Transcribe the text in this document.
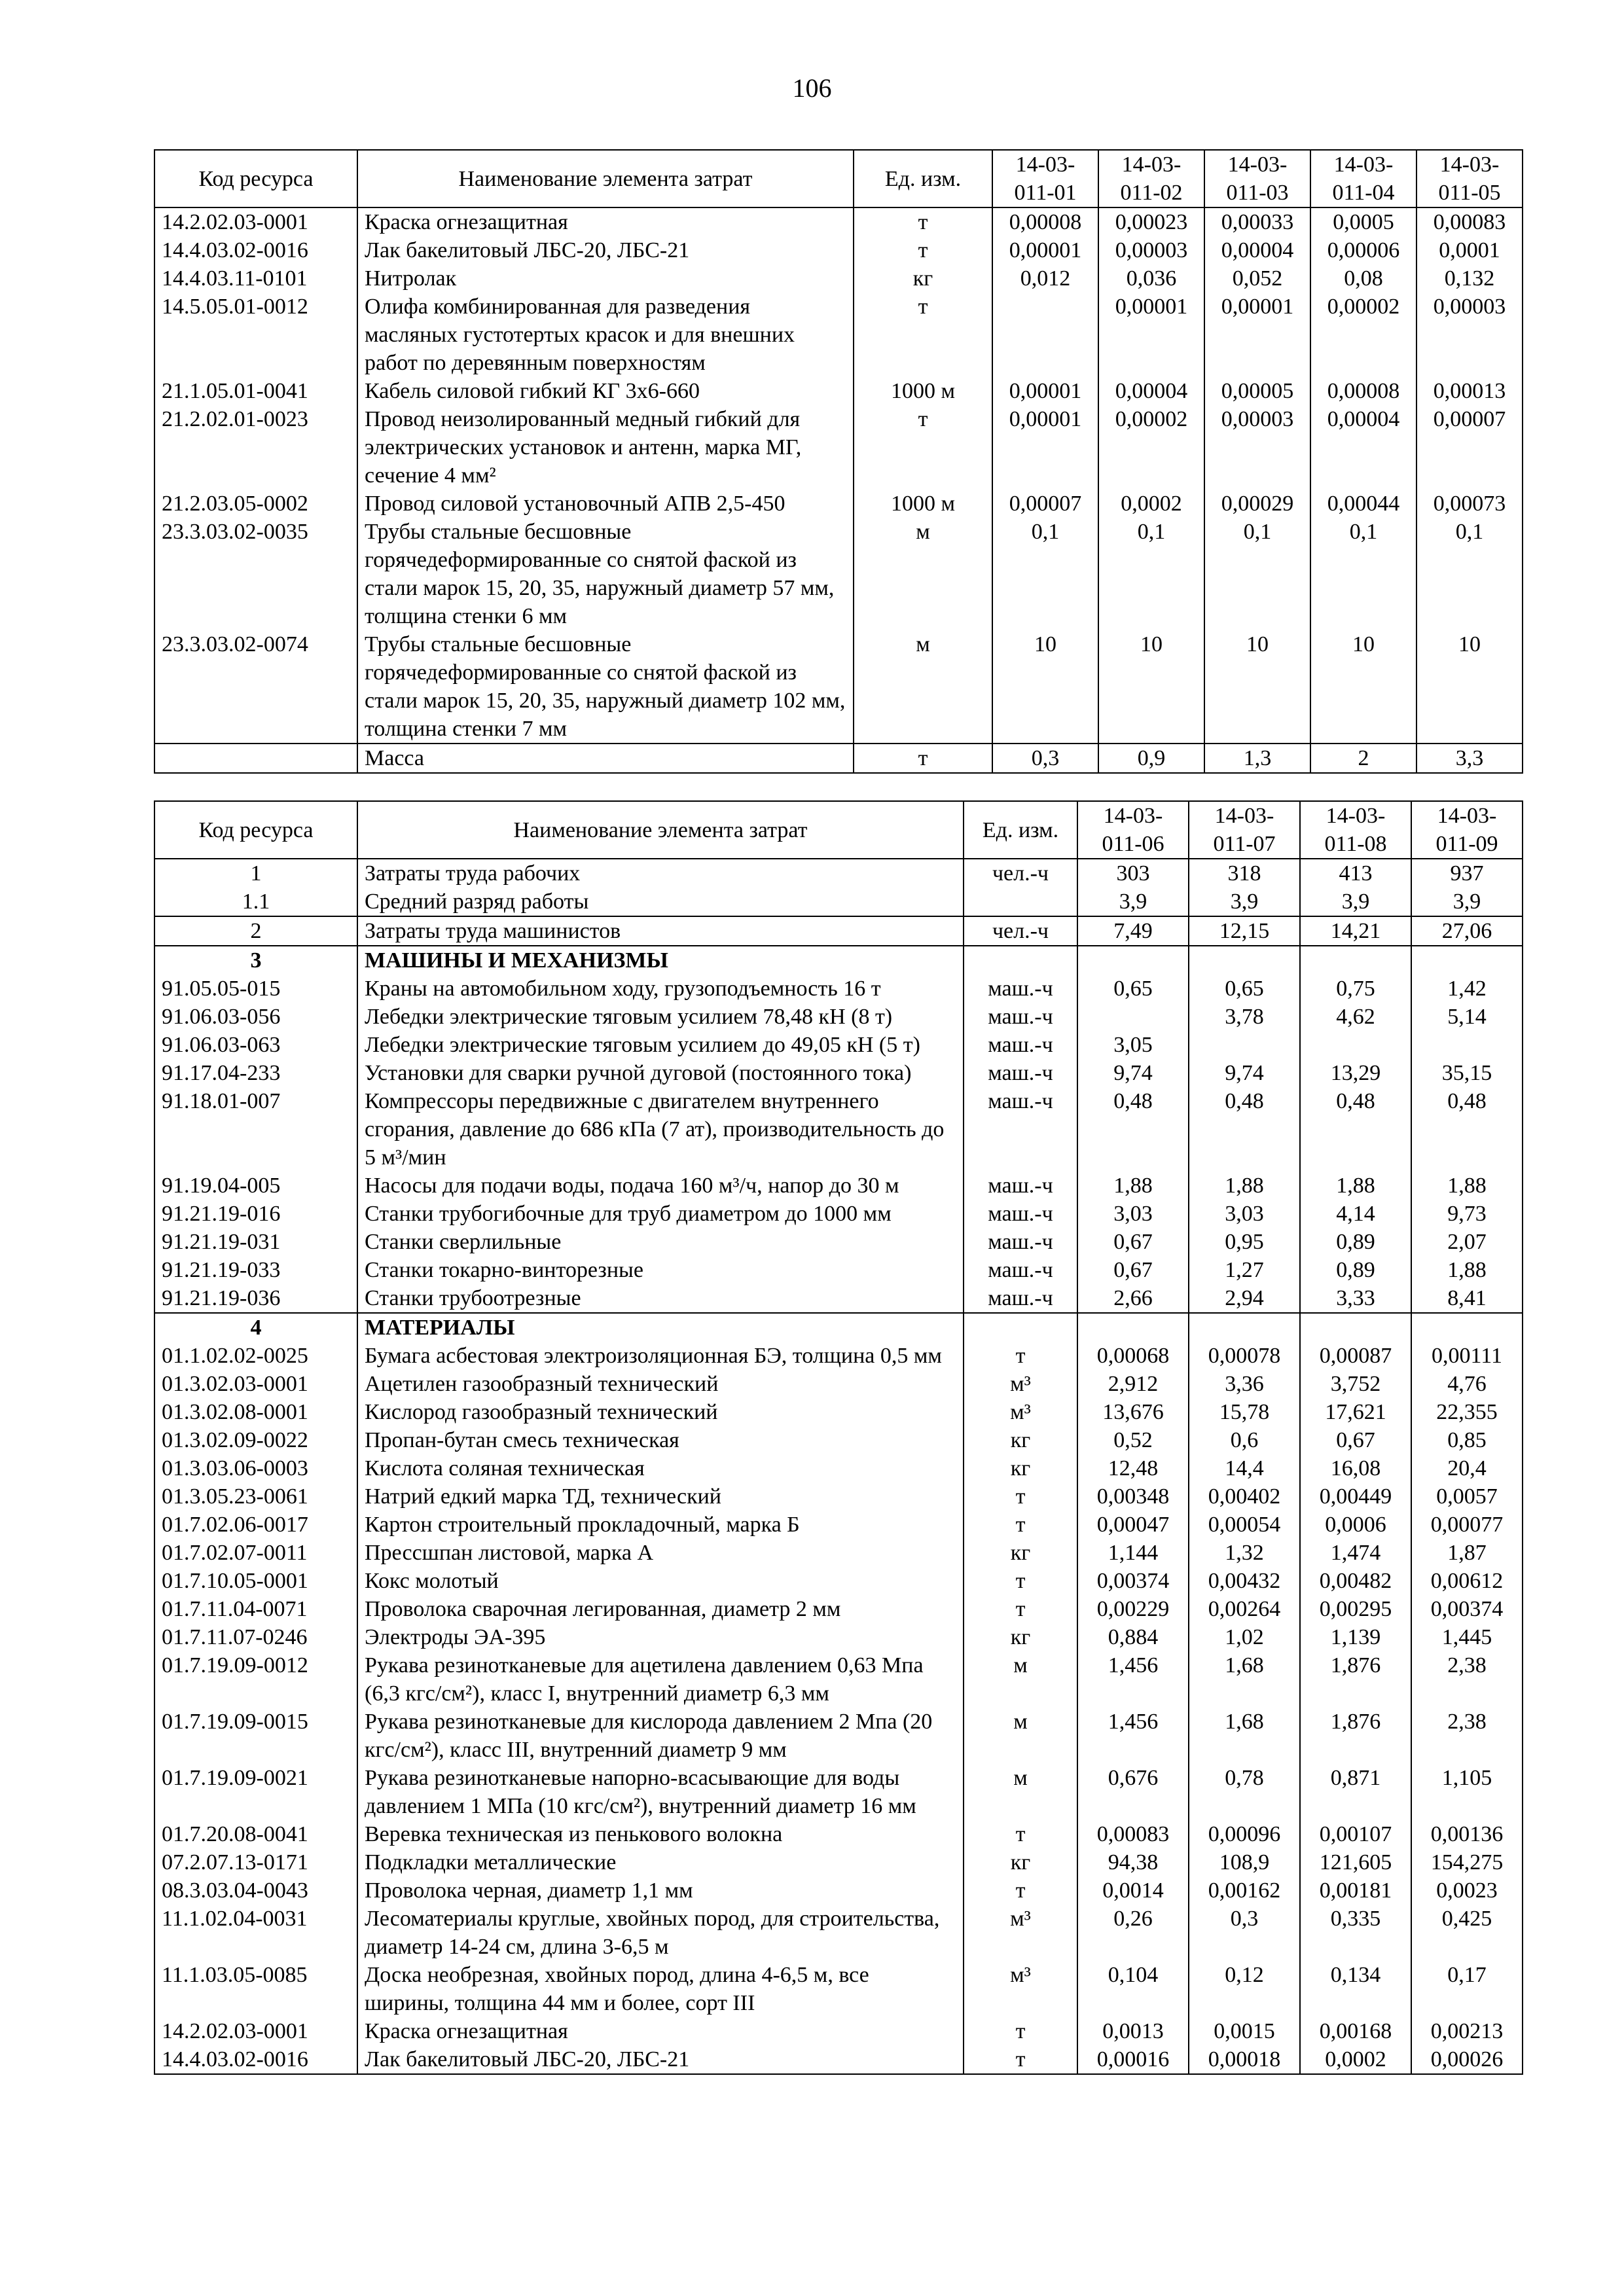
106
Код ресурса	Наименование элемента затрат	Ед. изм.	14-03-011-01	14-03-011-02	14-03-011-03	14-03-011-04	14-03-011-05
14.2.02.03-0001	Краска огнезащитная	т	0,00008	0,00023	0,00033	0,0005	0,00083
14.4.03.02-0016	Лак бакелитовый ЛБС-20, ЛБС-21	т	0,00001	0,00003	0,00004	0,00006	0,0001
14.4.03.11-0101	Нитролак	кг	0,012	0,036	0,052	0,08	0,132
14.5.05.01-0012	Олифа комбинированная для разведения масляных густотертых красок и для внешних работ по деревянным поверхностям	т		0,00001	0,00001	0,00002	0,00003
21.1.05.01-0041	Кабель силовой гибкий КГ 3х6-660	1000 м	0,00001	0,00004	0,00005	0,00008	0,00013
21.2.02.01-0023	Провод неизолированный медный гибкий для электрических установок и антенн, марка МГ, сечение 4 мм²	т	0,00001	0,00002	0,00003	0,00004	0,00007
21.2.03.05-0002	Провод силовой установочный АПВ 2,5-450	1000 м	0,00007	0,0002	0,00029	0,00044	0,00073
23.3.03.02-0035	Трубы стальные бесшовные горячедеформированные со снятой фаской из стали марок 15, 20, 35, наружный диаметр 57 мм, толщина стенки 6 мм	м	0,1	0,1	0,1	0,1	0,1
23.3.03.02-0074	Трубы стальные бесшовные горячедеформированные со снятой фаской из стали марок 15, 20, 35, наружный диаметр 102 мм, толщина стенки 7 мм	м	10	10	10	10	10
	Масса	т	0,3	0,9	1,3	2	3,3
Код ресурса	Наименование элемента затрат	Ед. изм.	14-03-011-06	14-03-011-07	14-03-011-08	14-03-011-09
1	Затраты труда рабочих	чел.-ч	303	318	413	937
1.1	Средний разряд работы		3,9	3,9	3,9	3,9
2	Затраты труда машинистов	чел.-ч	7,49	12,15	14,21	27,06
3	МАШИНЫ И МЕХАНИЗМЫ					
91.05.05-015	Краны на автомобильном ходу, грузоподъемность 16 т	маш.-ч	0,65	0,65	0,75	1,42
91.06.03-056	Лебедки электрические тяговым усилием 78,48 кН (8 т)	маш.-ч		3,78	4,62	5,14
91.06.03-063	Лебедки электрические тяговым усилием до 49,05 кН (5 т)	маш.-ч	3,05			
91.17.04-233	Установки для сварки ручной дуговой (постоянного тока)	маш.-ч	9,74	9,74	13,29	35,15
91.18.01-007	Компрессоры передвижные с двигателем внутреннего сгорания, давление до 686 кПа (7 ат), производительность до 5 м³/мин	маш.-ч	0,48	0,48	0,48	0,48
91.19.04-005	Насосы для подачи воды, подача 160 м³/ч, напор до 30 м	маш.-ч	1,88	1,88	1,88	1,88
91.21.19-016	Станки трубогибочные для труб диаметром до 1000 мм	маш.-ч	3,03	3,03	4,14	9,73
91.21.19-031	Станки сверлильные	маш.-ч	0,67	0,95	0,89	2,07
91.21.19-033	Станки токарно-винторезные	маш.-ч	0,67	1,27	0,89	1,88
91.21.19-036	Станки трубоотрезные	маш.-ч	2,66	2,94	3,33	8,41
4	МАТЕРИАЛЫ					
01.1.02.02-0025	Бумага асбестовая электроизоляционная БЭ, толщина 0,5 мм	т	0,00068	0,00078	0,00087	0,00111
01.3.02.03-0001	Ацетилен газообразный технический	м³	2,912	3,36	3,752	4,76
01.3.02.08-0001	Кислород газообразный технический	м³	13,676	15,78	17,621	22,355
01.3.02.09-0022	Пропан-бутан смесь техническая	кг	0,52	0,6	0,67	0,85
01.3.03.06-0003	Кислота соляная техническая	кг	12,48	14,4	16,08	20,4
01.3.05.23-0061	Натрий едкий марка ТД, технический	т	0,00348	0,00402	0,00449	0,0057
01.7.02.06-0017	Картон строительный прокладочный, марка Б	т	0,00047	0,00054	0,0006	0,00077
01.7.02.07-0011	Прессшпан листовой, марка А	кг	1,144	1,32	1,474	1,87
01.7.10.05-0001	Кокс молотый	т	0,00374	0,00432	0,00482	0,00612
01.7.11.04-0071	Проволока сварочная легированная, диаметр 2 мм	т	0,00229	0,00264	0,00295	0,00374
01.7.11.07-0246	Электроды ЭА-395	кг	0,884	1,02	1,139	1,445
01.7.19.09-0012	Рукава резинотканевые для ацетилена давлением 0,63 Мпа (6,3 кгс/см²), класс I, внутренний диаметр 6,3 мм	м	1,456	1,68	1,876	2,38
01.7.19.09-0015	Рукава резинотканевые для кислорода давлением 2 Мпа (20 кгс/см²), класс III, внутренний диаметр 9 мм	м	1,456	1,68	1,876	2,38
01.7.19.09-0021	Рукава резинотканевые напорно-всасывающие для воды давлением 1 МПа (10 кгс/см²), внутренний диаметр 16 мм	м	0,676	0,78	0,871	1,105
01.7.20.08-0041	Веревка техническая из пенькового волокна	т	0,00083	0,00096	0,00107	0,00136
07.2.07.13-0171	Подкладки металлические	кг	94,38	108,9	121,605	154,275
08.3.03.04-0043	Проволока черная, диаметр 1,1 мм	т	0,0014	0,00162	0,00181	0,0023
11.1.02.04-0031	Лесоматериалы круглые, хвойных пород, для строительства, диаметр 14-24 см, длина 3-6,5 м	м³	0,26	0,3	0,335	0,425
11.1.03.05-0085	Доска необрезная, хвойных пород, длина 4-6,5 м, все ширины, толщина 44 мм и более, сорт III	м³	0,104	0,12	0,134	0,17
14.2.02.03-0001	Краска огнезащитная	т	0,0013	0,0015	0,00168	0,00213
14.4.03.02-0016	Лак бакелитовый ЛБС-20, ЛБС-21	т	0,00016	0,00018	0,0002	0,00026
